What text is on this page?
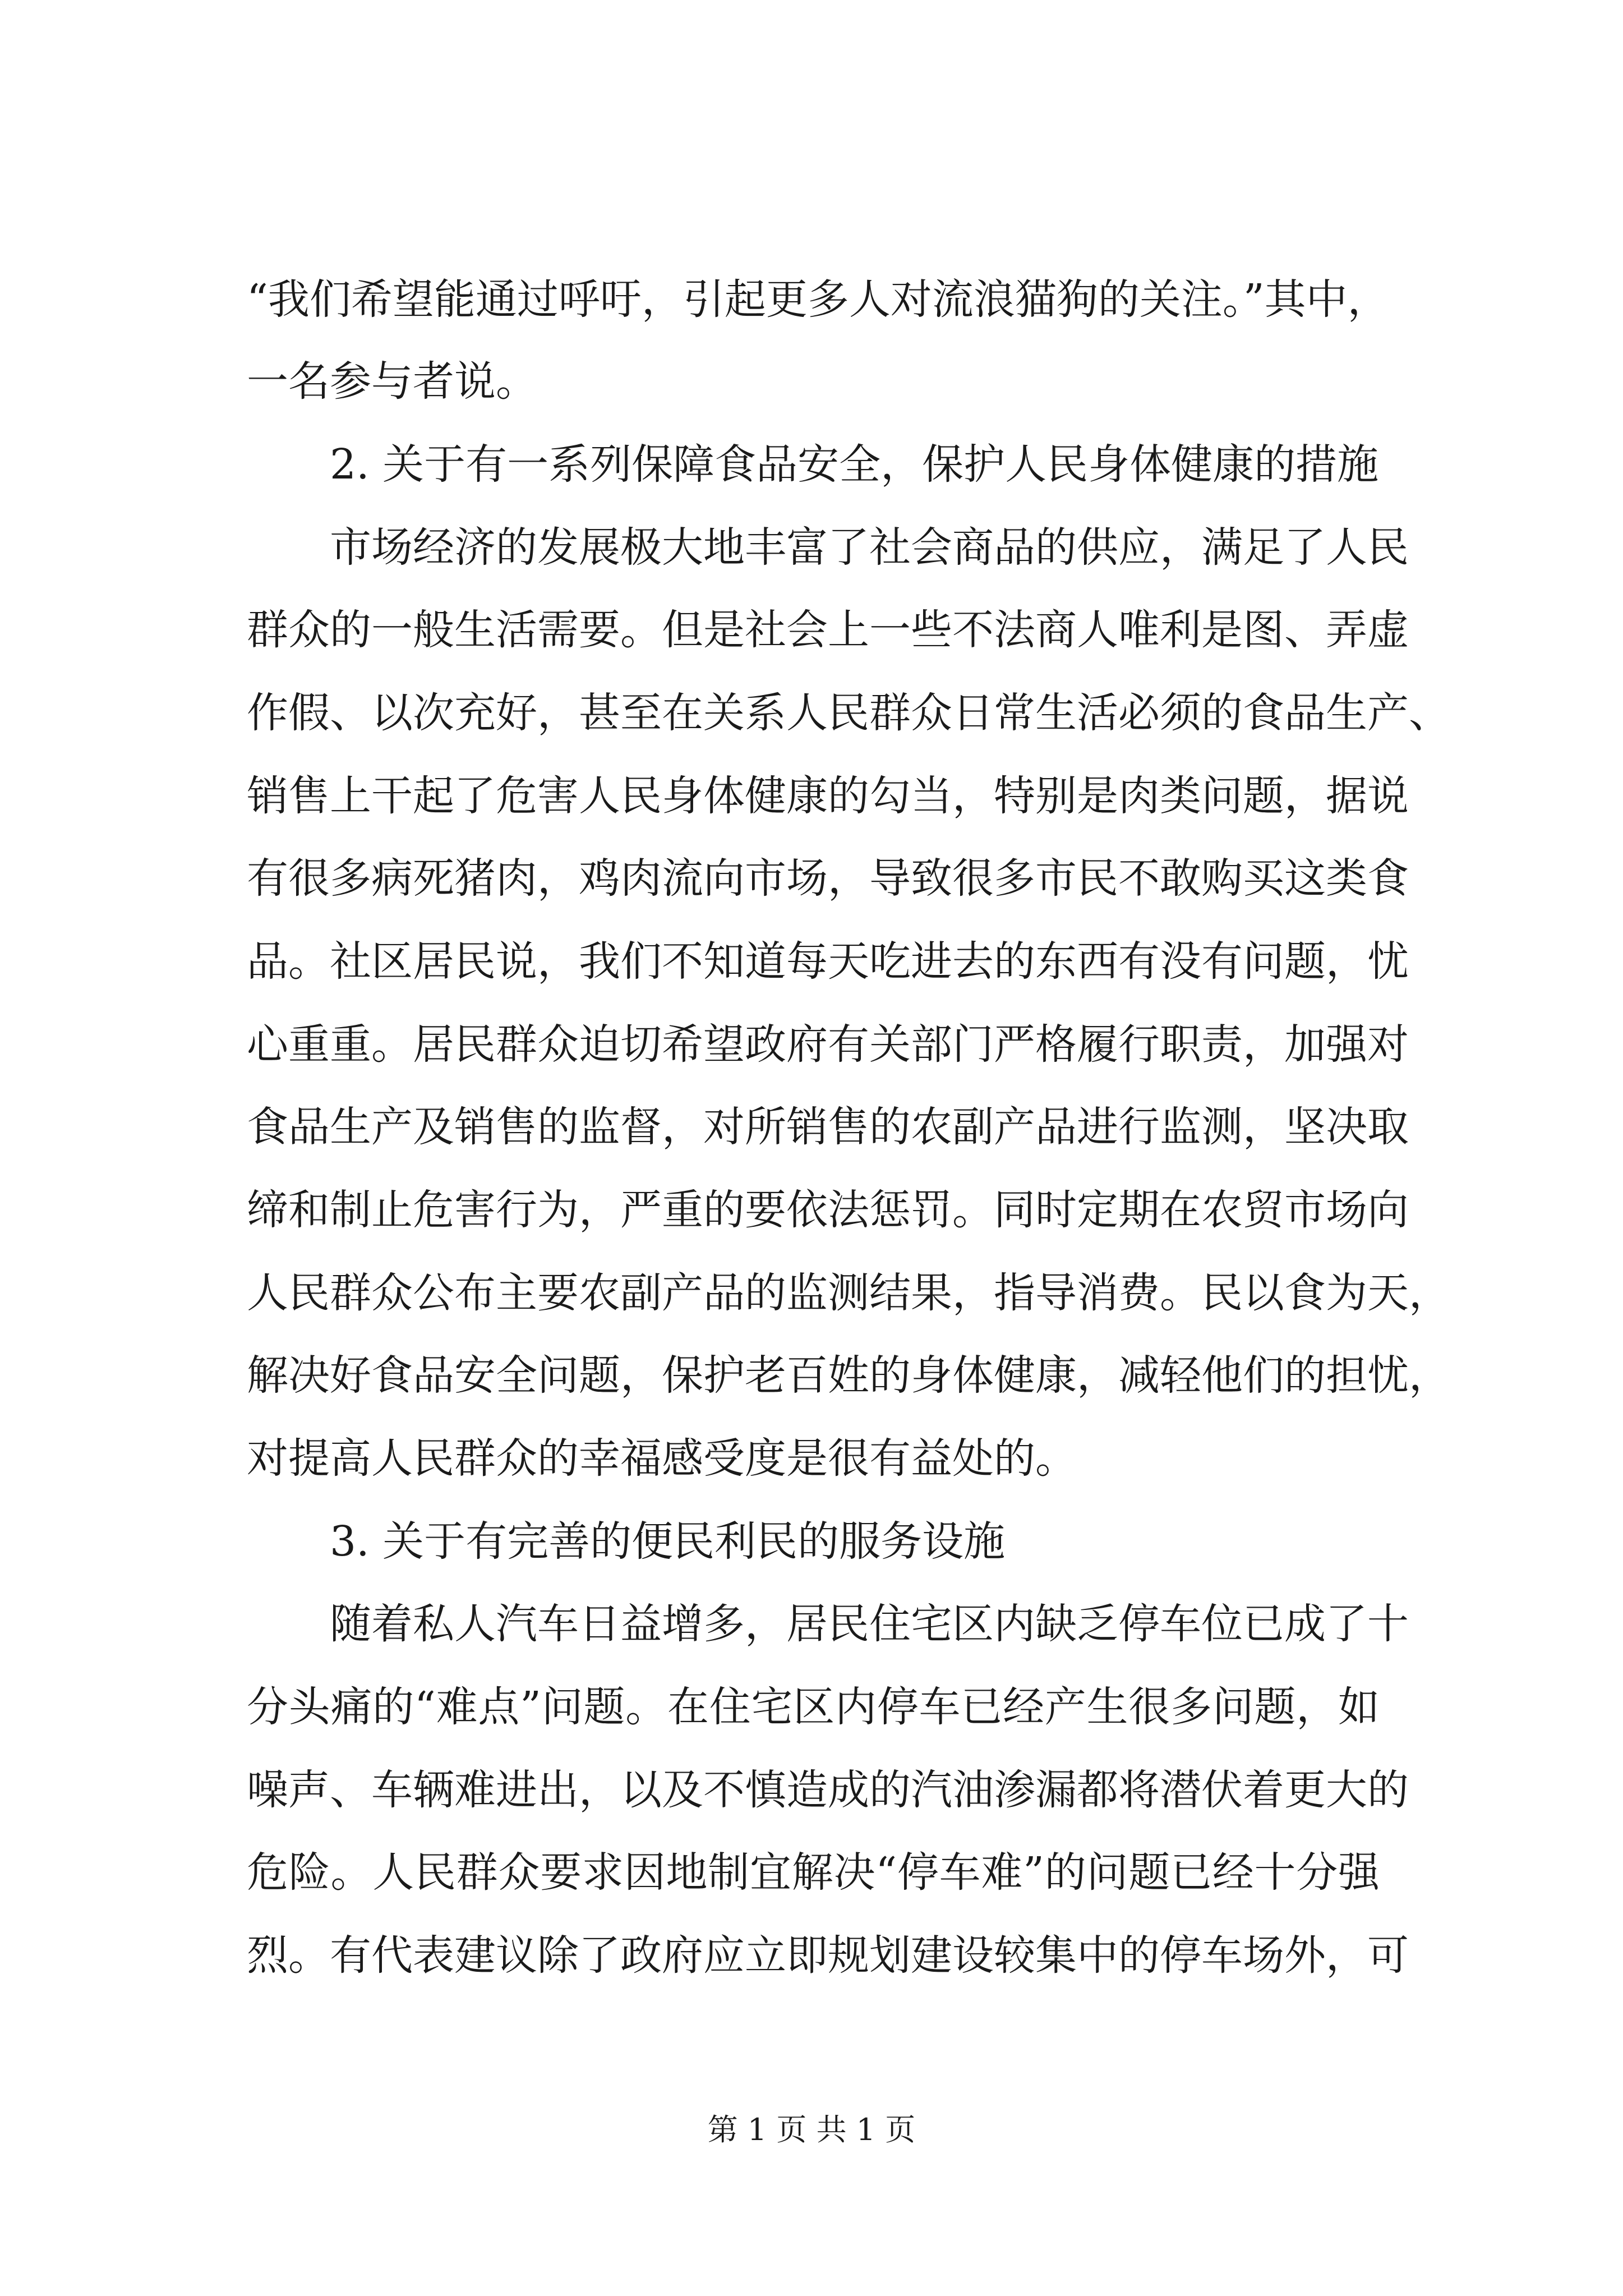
“我们希望能通过呼吁，引起更多人对流浪猫狗的关注。”其中，
一名参与者说。
2. 关于有一系列保障食品安全，保护人民身体健康的措施
市场经济的发展极大地丰富了社会商品的供应，满足了人民
群众的一般生活需要。但是社会上一些不法商人唯利是图、弄虚
作假、以次充好，甚至在关系人民群众日常生活必须的食品生产、
销售上干起了危害人民身体健康的勾当，特别是肉类问题，据说
有很多病死猪肉，鸡肉流向市场，导致很多市民不敢购买这类食
品。社区居民说，我们不知道每天吃进去的东西有没有问题，忧
心重重。居民群众迫切希望政府有关部门严格履行职责，加强对
食品生产及销售的监督，对所销售的农副产品进行监测，坚决取
缔和制止危害行为，严重的要依法惩罚。同时定期在农贸市场向
人民群众公布主要农副产品的监测结果，指导消费。民以食为天，
解决好食品安全问题，保护老百姓的身体健康，减轻他们的担忧，
对提高人民群众的幸福感受度是很有益处的。
3. 关于有完善的便民利民的服务设施
随着私人汽车日益增多，居民住宅区内缺乏停车位已成了十
分头痛的“难点”问题。在住宅区内停车已经产生很多问题，如
噪声、车辆难进出，以及不慎造成的汽油渗漏都将潜伏着更大的
危险。人民群众要求因地制宜解决“停车难”的问题已经十分强
烈。有代表建议除了政府应立即规划建设较集中的停车场外，可
第 1 页 共 1 页
